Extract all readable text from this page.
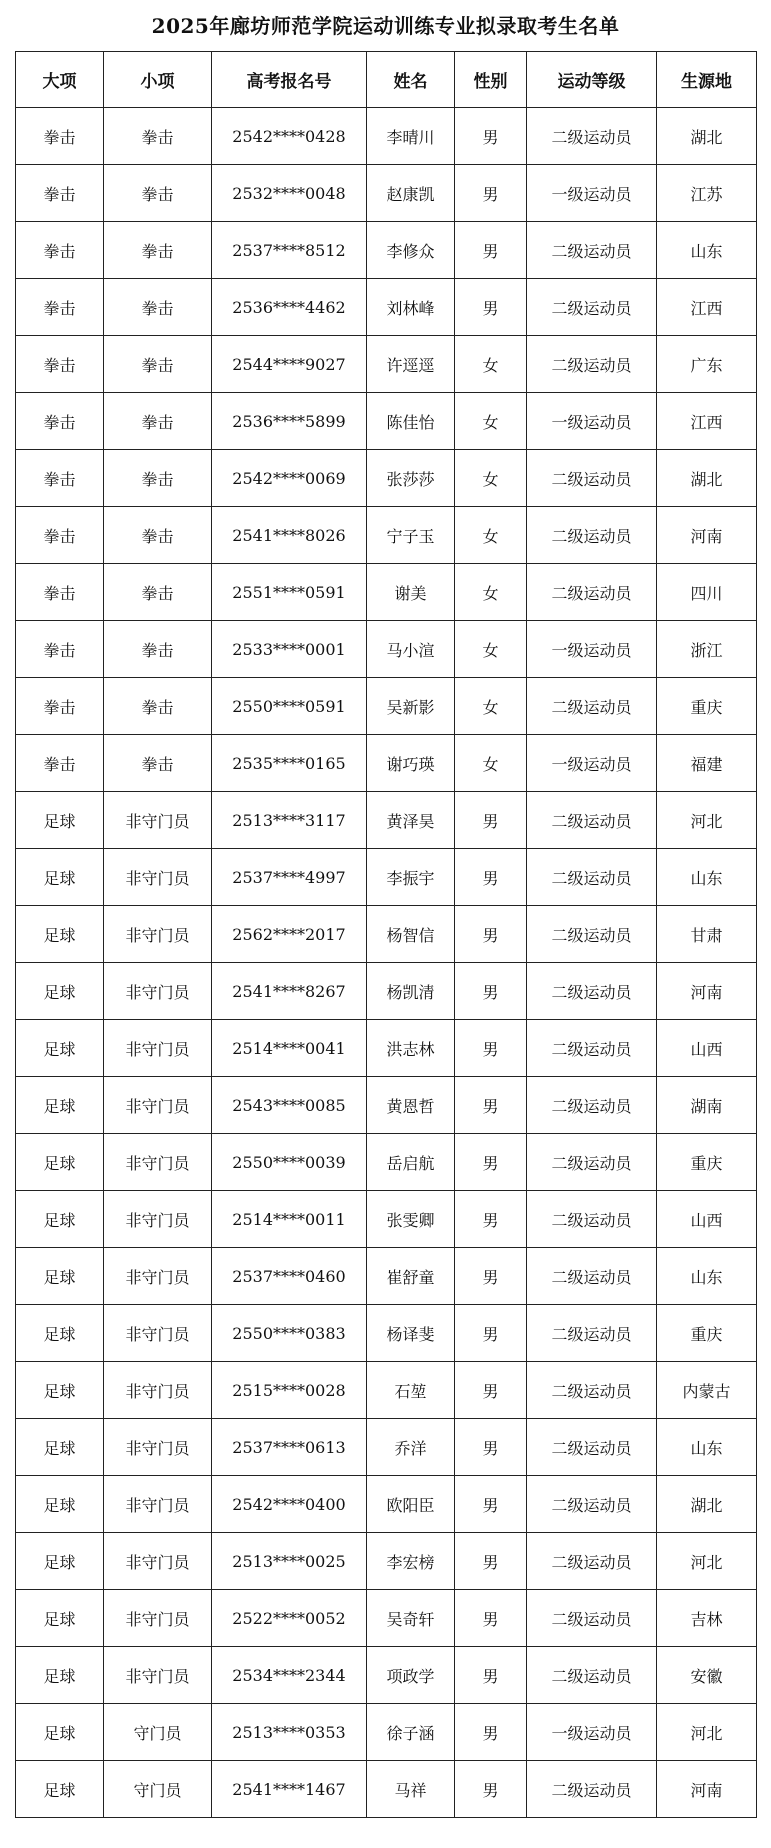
2025年廊坊师范学院运动训练专业拟录取考生名单
大项	小项	高考报名号	姓名	性别	运动等级	生源地
拳击	拳击	2542****0428	李晴川	男	二级运动员	湖北
拳击	拳击	2532****0048	赵康凯	男	一级运动员	江苏
拳击	拳击	2537****8512	李修众	男	二级运动员	山东
拳击	拳击	2536****4462	刘林峰	男	二级运动员	江西
拳击	拳击	2544****9027	许逕逕	女	二级运动员	广东
拳击	拳击	2536****5899	陈佳怡	女	一级运动员	江西
拳击	拳击	2542****0069	张莎莎	女	二级运动员	湖北
拳击	拳击	2541****8026	宁子玉	女	二级运动员	河南
拳击	拳击	2551****0591	谢美	女	二级运动员	四川
拳击	拳击	2533****0001	马小渲	女	一级运动员	浙江
拳击	拳击	2550****0591	吴新影	女	二级运动员	重庆
拳击	拳击	2535****0165	谢巧瑛	女	一级运动员	福建
足球	非守门员	2513****3117	黄泽昊	男	二级运动员	河北
足球	非守门员	2537****4997	李振宇	男	二级运动员	山东
足球	非守门员	2562****2017	杨智信	男	二级运动员	甘肃
足球	非守门员	2541****8267	杨凯清	男	二级运动员	河南
足球	非守门员	2514****0041	洪志林	男	二级运动员	山西
足球	非守门员	2543****0085	黄恩哲	男	二级运动员	湖南
足球	非守门员	2550****0039	岳启航	男	二级运动员	重庆
足球	非守门员	2514****0011	张雯卿	男	二级运动员	山西
足球	非守门员	2537****0460	崔舒童	男	二级运动员	山东
足球	非守门员	2550****0383	杨译斐	男	二级运动员	重庆
足球	非守门员	2515****0028	石堃	男	二级运动员	内蒙古
足球	非守门员	2537****0613	乔洋	男	二级运动员	山东
足球	非守门员	2542****0400	欧阳臣	男	二级运动员	湖北
足球	非守门员	2513****0025	李宏榜	男	二级运动员	河北
足球	非守门员	2522****0052	吴奇轩	男	二级运动员	吉林
足球	非守门员	2534****2344	项政学	男	二级运动员	安徽
足球	守门员	2513****0353	徐子涵	男	一级运动员	河北
足球	守门员	2541****1467	马祥	男	二级运动员	河南
